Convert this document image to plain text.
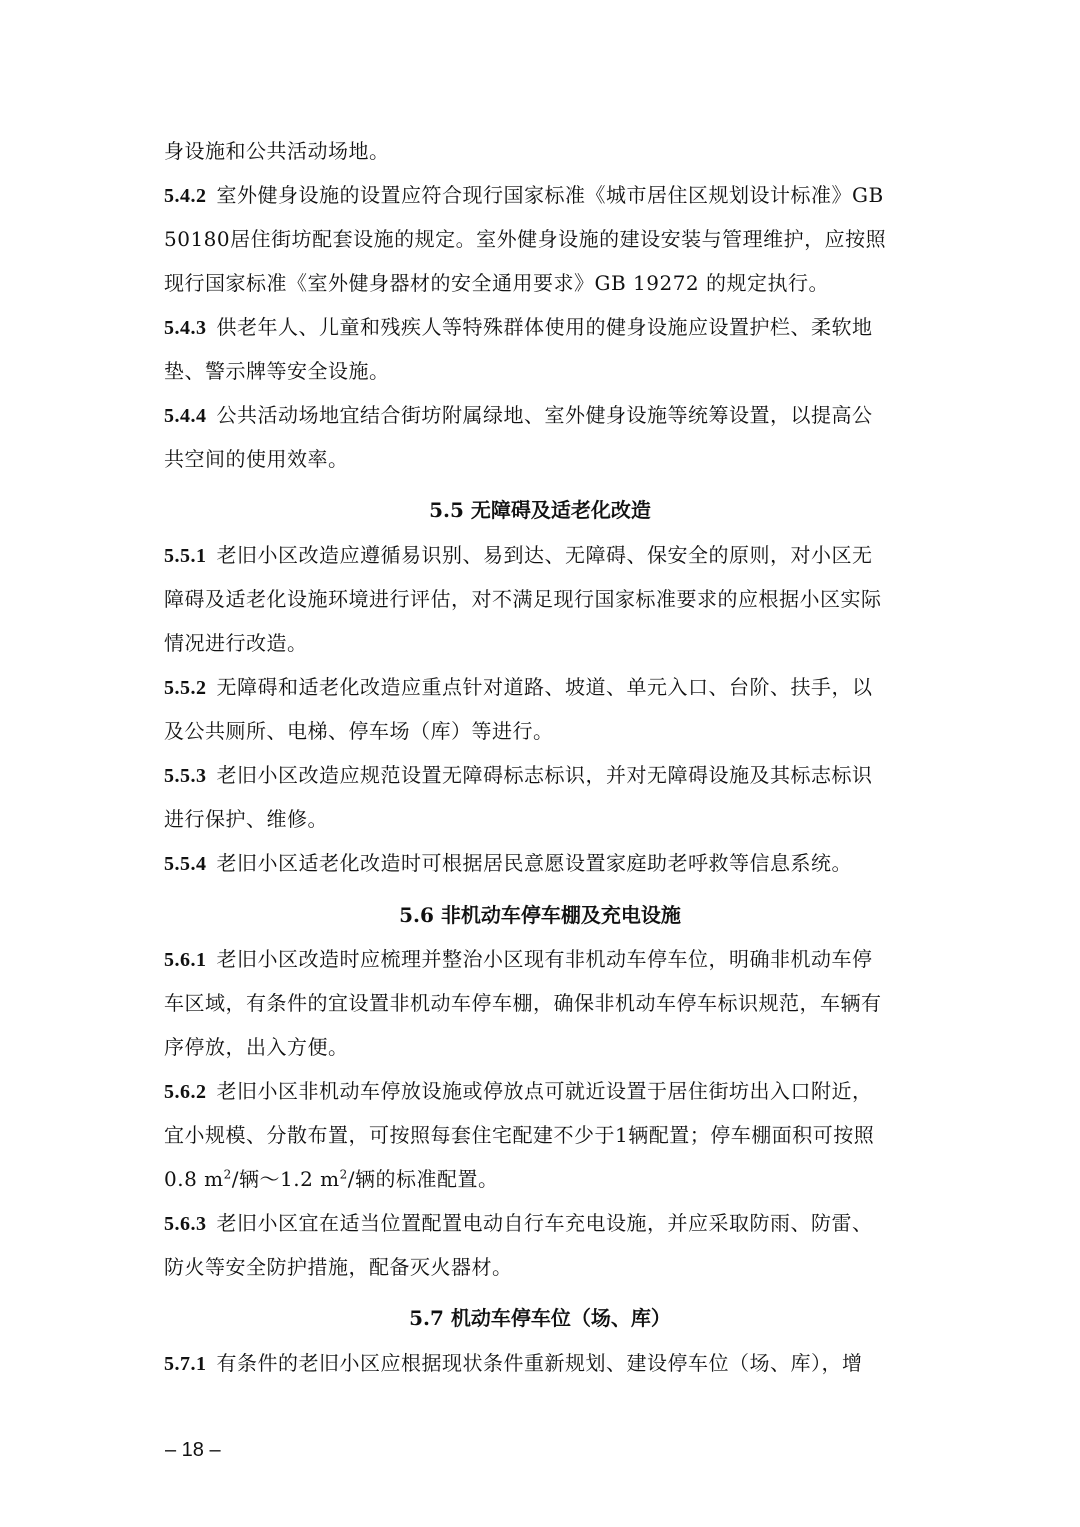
身设施和公共活动场地。
5.4.2 室外健身设施的设置应符合现行国家标准《城市居住区规划设计标准》GB
50180居住街坊配套设施的规定。室外健身设施的建设安装与管理维护，应按照
现行国家标准《室外健身器材的安全通用要求》GB 19272 的规定执行。
5.4.3 供老年人、儿童和残疾人等特殊群体使用的健身设施应设置护栏、柔软地
垫、警示牌等安全设施。
5.4.4 公共活动场地宜结合街坊附属绿地、室外健身设施等统筹设置，以提高公
共空间的使用效率。
5.5 无障碍及适老化改造
5.5.1 老旧小区改造应遵循易识别、易到达、无障碍、保安全的原则，对小区无
障碍及适老化设施环境进行评估，对不满足现行国家标准要求的应根据小区实际
情况进行改造。
5.5.2 无障碍和适老化改造应重点针对道路、坡道、单元入口、台阶、扶手，以
及公共厕所、电梯、停车场（库）等进行。
5.5.3 老旧小区改造应规范设置无障碍标志标识，并对无障碍设施及其标志标识
进行保护、维修。
5.5.4 老旧小区适老化改造时可根据居民意愿设置家庭助老呼救等信息系统。
5.6 非机动车停车棚及充电设施
5.6.1 老旧小区改造时应梳理并整治小区现有非机动车停车位，明确非机动车停
车区域，有条件的宜设置非机动车停车棚，确保非机动车停车标识规范，车辆有
序停放，出入方便。
5.6.2 老旧小区非机动车停放设施或停放点可就近设置于居住街坊出入口附近，
宜小规模、分散布置，可按照每套住宅配建不少于1辆配置；停车棚面积可按照
0.8 $m^2/$辆～1.2 $m^2/$辆的标准配置。
5.6.3 老旧小区宜在适当位置配置电动自行车充电设施，并应采取防雨、防雷、
防火等安全防护措施，配备灭火器材。
5.7 机动车停车位（场、库）
5.7.1 有条件的老旧小区应根据现状条件重新规划、建设停车位（场、库），增
– 18 –
